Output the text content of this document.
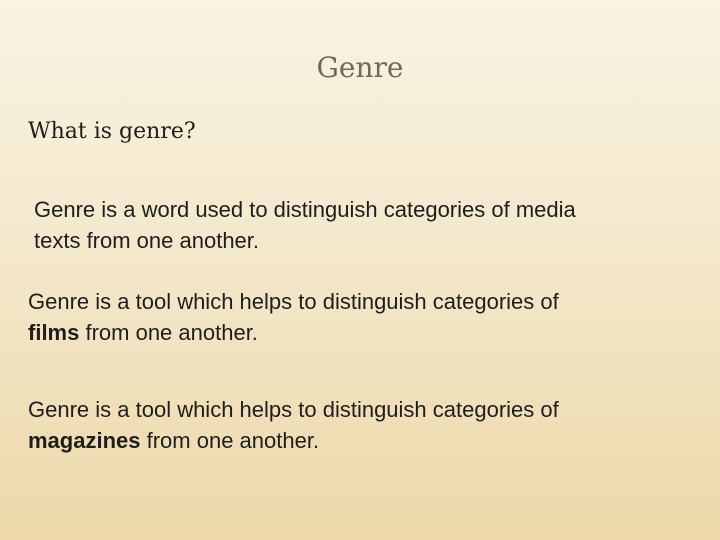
Genre
What is genre?
Genre is a word used to distinguish categories of media
texts from one another.
Genre is a tool which helps to distinguish categories of
films from one another.
Genre is a tool which helps to distinguish categories of
magazines from one another.
